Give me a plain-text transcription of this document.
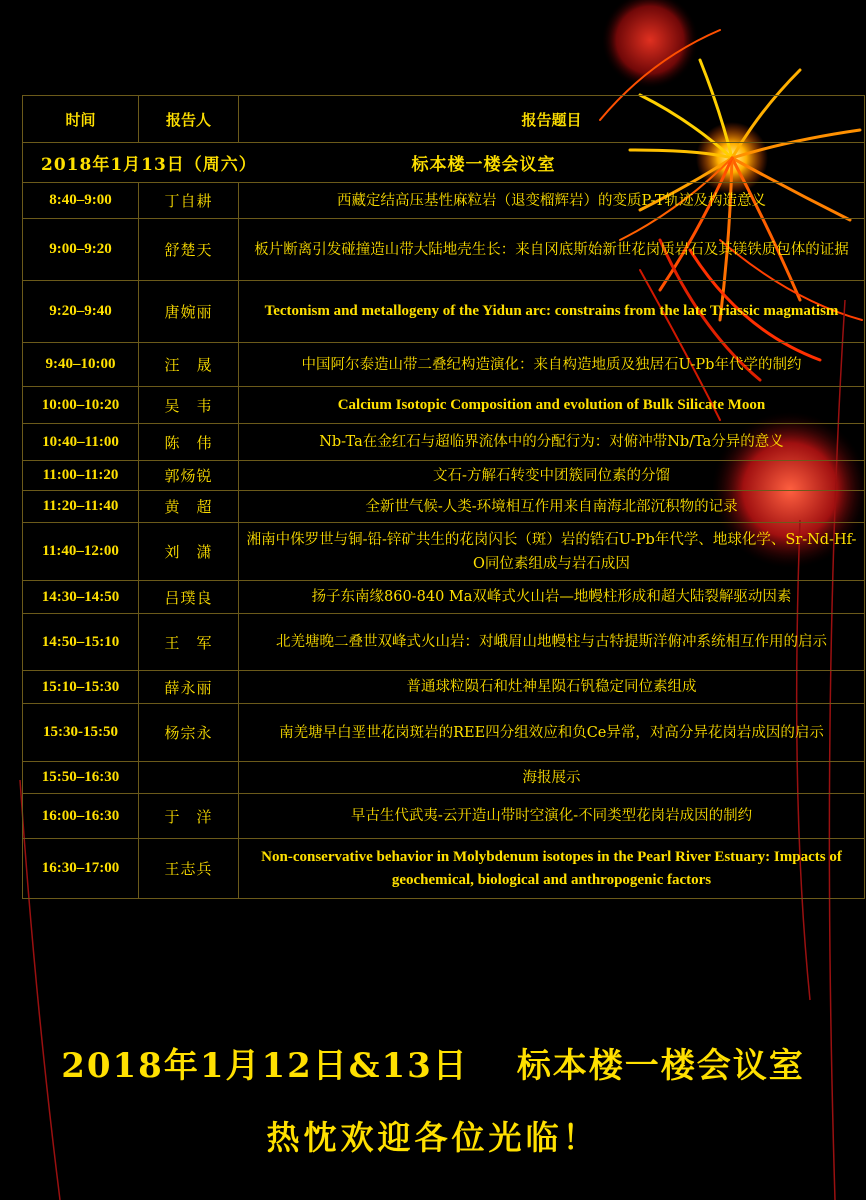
时间	报告人	报告题目

2018年1月13日（周六） 标本楼一楼会议室		
8:40–9:00	丁自耕	西藏定结高压基性麻粒岩（退变榴辉岩）的变质P-T轨迹及构造意义
9:00–9:20	舒楚天	板片断离引发碰撞造山带大陆地壳生长：来自冈底斯始新世花岗质岩石及其镁铁质包体的证据
9:20–9:40	唐婉丽	Tectonism and metallogeny of the Yidun arc: constrains from the late Triassic magmatism
9:40–10:00	汪　晟	中国阿尔泰造山带二叠纪构造演化：来自构造地质及独居石U-Pb年代学的制约
10:00–10:20	吴　韦	Calcium Isotopic Composition and evolution of Bulk Silicate Moon
10:40–11:00	陈　伟	Nb-Ta在金红石与超临界流体中的分配行为：对俯冲带Nb/Ta分异的意义
11:00–11:20	郭炀锐	文石-方解石转变中团簇同位素的分馏
11:20–11:40	黄　超	全新世气候-人类-环境相互作用来自南海北部沉积物的记录
11:40–12:00	刘　潇	湘南中侏罗世与铜-铅-锌矿共生的花岗闪长（斑）岩的锆石U-Pb年代学、地球化学、Sr-Nd-Hf-O同位素组成与岩石成因
14:30–14:50	吕璞良	扬子东南缘860-840 Ma双峰式火山岩—地幔柱形成和超大陆裂解驱动因素
14:50–15:10	王　军	北羌塘晚二叠世双峰式火山岩：对峨眉山地幔柱与古特提斯洋俯冲系统相互作用的启示
15:10–15:30	薛永丽	普通球粒陨石和灶神星陨石钒稳定同位素组成
15:30-15:50	杨宗永	南羌塘早白垩世花岗斑岩的REE四分组效应和负Ce异常，对高分异花岗岩成因的启示
15:50–16:30		海报展示
16:00–16:30	于　洋	早古生代武夷-云开造山带时空演化-不同类型花岗岩成因的制约
16:30–17:00	王志兵	Non-conservative behavior in Molybdenum isotopes in the Pearl River Estuary: Impacts of geochemical, biological and anthropogenic factors
2018年1月12日&13日 标本楼一楼会议室
热忱欢迎各位光临！
